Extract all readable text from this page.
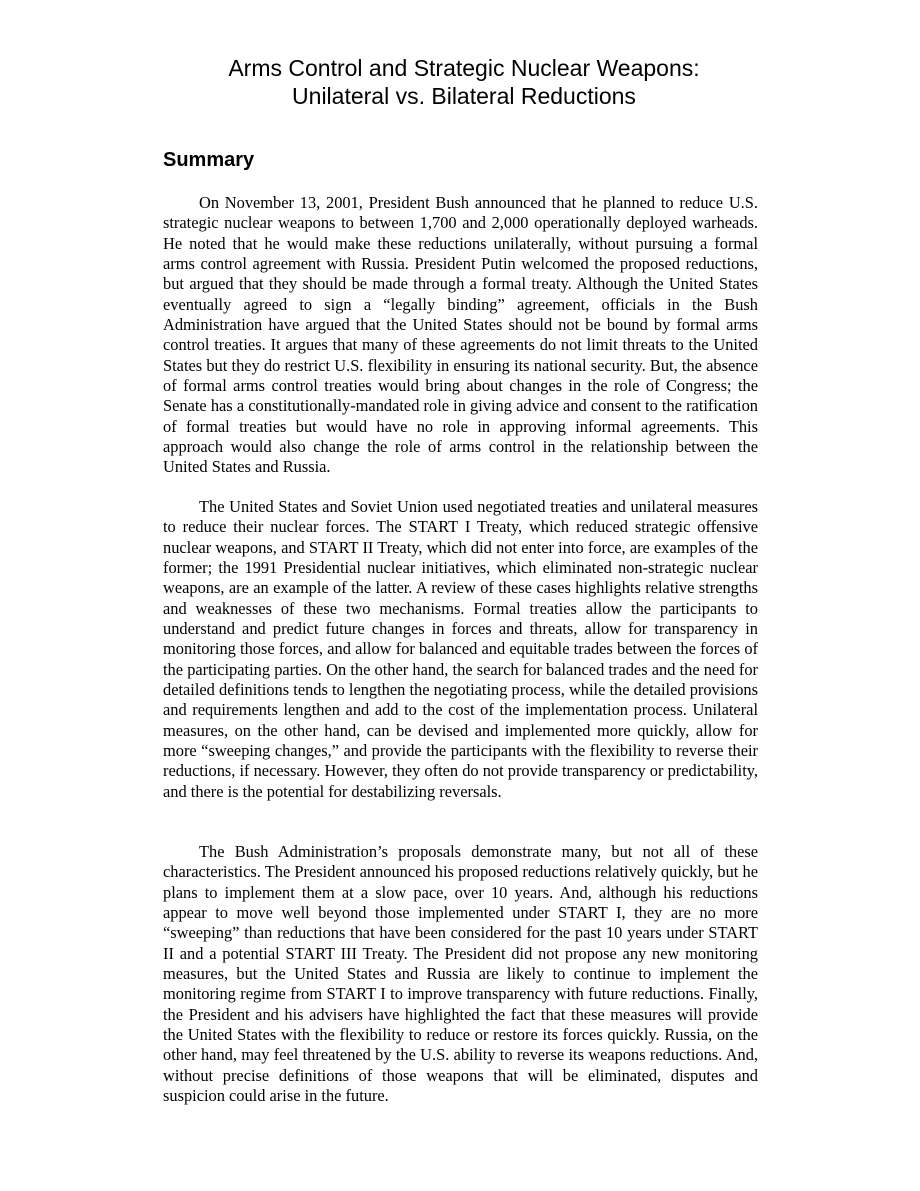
Arms Control and Strategic Nuclear Weapons:
Unilateral vs. Bilateral Reductions
Summary

On November 13, 2001, President Bush announced that he planned to reduce U.S. strategic nuclear weapons to between 1,700 and 2,000 operationally deployed warheads. He noted that he would make these reductions unilaterally, without pursuing a formal arms control agreement with Russia. President Putin welcomed the proposed reductions, but argued that they should be made through a formal treaty. Although the United States eventually agreed to sign a “legally binding” agreement, officials in the Bush Administration have argued that the United States should not be bound by formal arms control treaties. It argues that many of these agreements do not limit threats to the United States but they do restrict U.S. flexibility in ensuring its national security. But, the absence of formal arms control treaties would bring about changes in the role of Congress; the Senate has a constitutionally-mandated role in giving advice and consent to the ratification of formal treaties but would have no role in approving informal agreements. This approach would also change the role of arms control in the relationship between the United States and Russia.

The United States and Soviet Union used negotiated treaties and unilateral measures to reduce their nuclear forces. The START I Treaty, which reduced strategic offensive nuclear weapons, and START II Treaty, which did not enter into force, are examples of the former; the 1991 Presidential nuclear initiatives, which eliminated non-strategic nuclear weapons, are an example of the latter. A review of these cases highlights relative strengths and weaknesses of these two mechanisms. Formal treaties allow the participants to understand and predict future changes in forces and threats, allow for transparency in monitoring those forces, and allow for balanced and equitable trades between the forces of the participating parties. On the other hand, the search for balanced trades and the need for detailed definitions tends to lengthen the negotiating process, while the detailed provisions and requirements lengthen and add to the cost of the implementation process. Unilateral measures, on the other hand, can be devised and implemented more quickly, allow for more “sweeping changes,” and provide the participants with the flexibility to reverse their reductions, if necessary. However, they often do not provide transparency or predictability, and there is the potential for destabilizing reversals.

The Bush Administration’s proposals demonstrate many, but not all of these characteristics. The President announced his proposed reductions relatively quickly, but he plans to implement them at a slow pace, over 10 years. And, although his reductions appear to move well beyond those implemented under START I, they are no more “sweeping” than reductions that have been considered for the past 10 years under START II and a potential START III Treaty. The President did not propose any new monitoring measures, but the United States and Russia are likely to continue to implement the monitoring regime from START I to improve transparency with future reductions. Finally, the President and his advisers have highlighted the fact that these measures will provide the United States with the flexibility to reduce or restore its forces quickly. Russia, on the other hand, may feel threatened by the U.S. ability to reverse its weapons reductions. And, without precise definitions of those weapons that will be eliminated, disputes and suspicion could arise in the future.
